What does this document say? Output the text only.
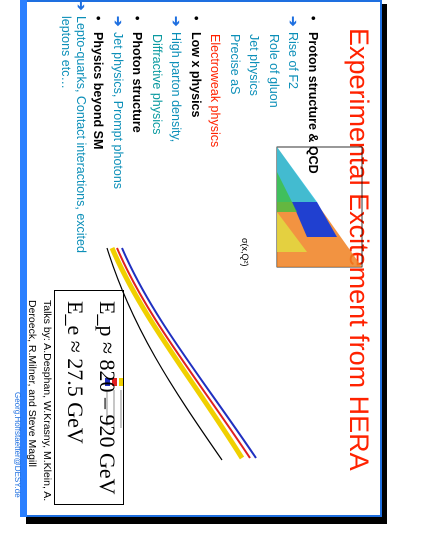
Experimental Excitement from HERA
•Proton structure & QCD
➔Rise of F2
Role of gluon
Jet physics
Precise aS
Electroweak physics
•Low x physics
➔High parton density,
Diffractive physics
•Photon structure
➔Jet physics, Prompt photons
•Physics beyond SM
➔Lepto-quarks, Contact interactions, excited leptons etc…
σ(x,Q²)
E_p ≈ 820 – 920 GeV
E_e ≈ 27.5 GeV
Talks by: A.Desphan, W.Krasny, M.Klein, A. Deroeck, R.Milner, and Steve Magill
Georg.Hoffstaetter@DESY.de
